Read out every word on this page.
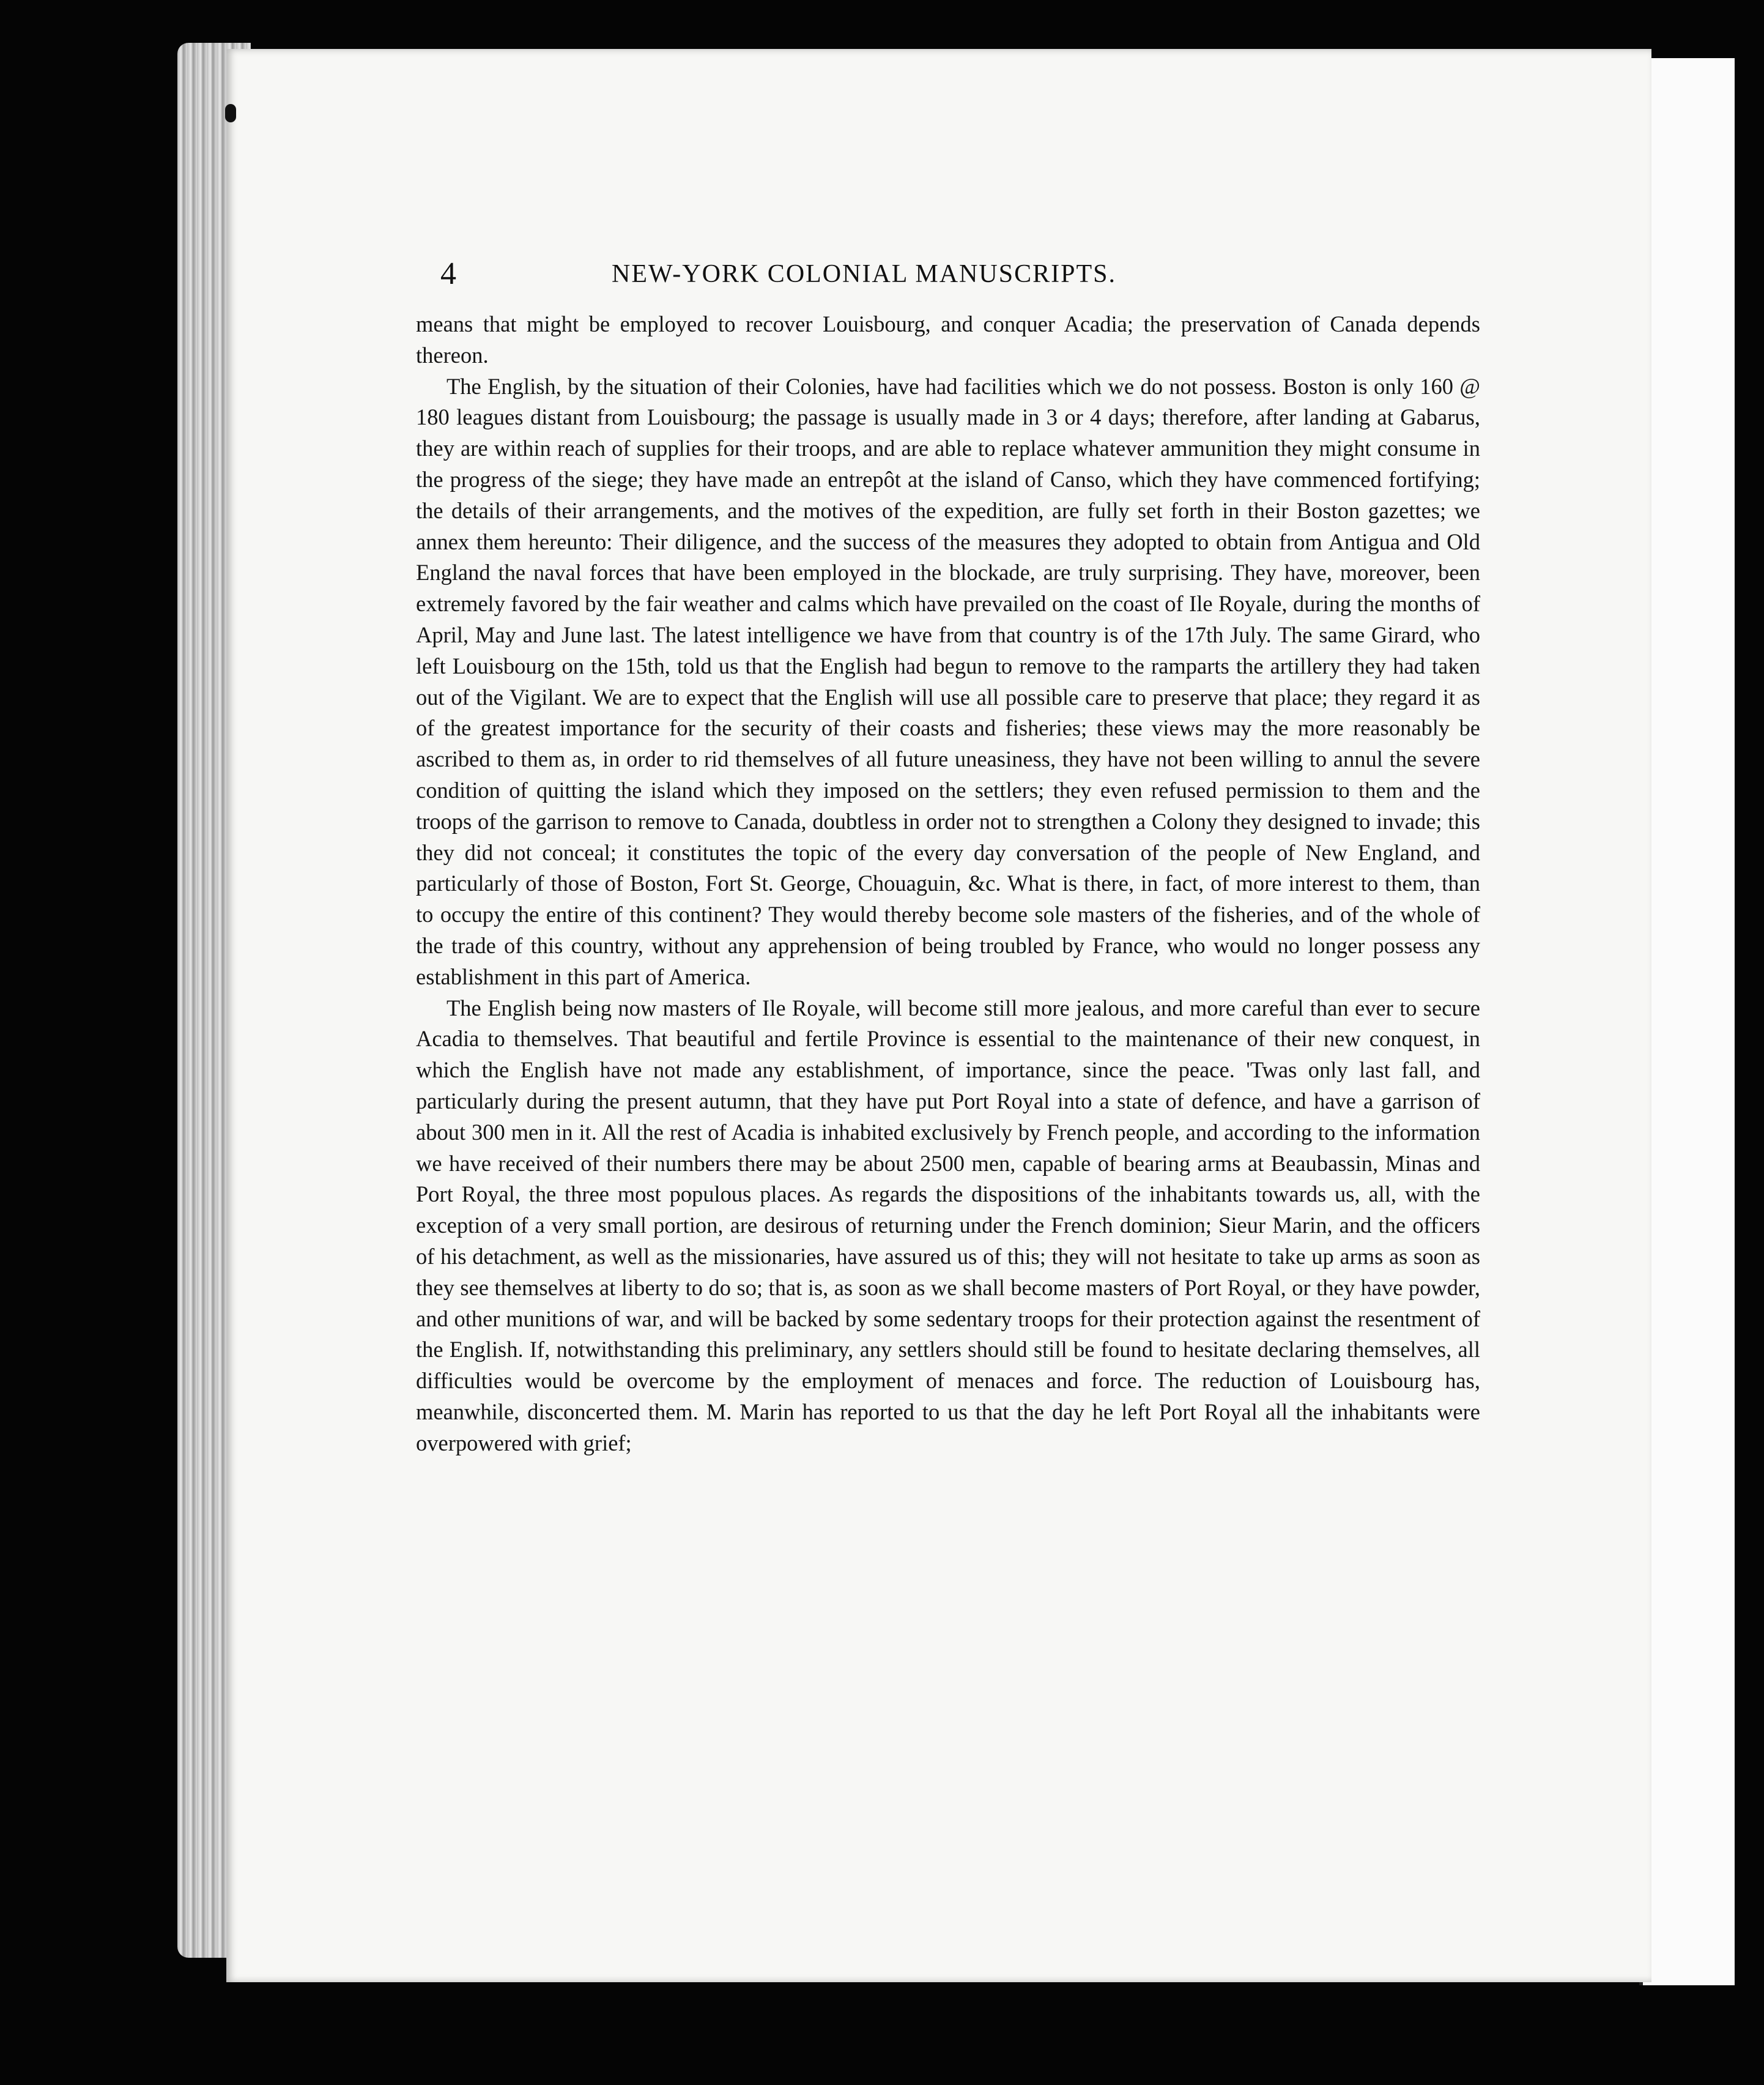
4	NEW-YORK COLONIAL MANUSCRIPTS.

means that might be employed to recover Louisbourg, and conquer Acadia; the preservation of Canada depends thereon.

The English, by the situation of their Colonies, have had facilities which we do not possess. Boston is only 160 @ 180 leagues distant from Louisbourg; the passage is usually made in 3 or 4 days; therefore, after landing at Gabarus, they are within reach of supplies for their troops, and are able to replace whatever ammunition they might consume in the progress of the siege; they have made an entrepôt at the island of Canso, which they have commenced fortifying; the details of their arrangements, and the motives of the expedition, are fully set forth in their Boston gazettes; we annex them hereunto: Their diligence, and the success of the measures they adopted to obtain from Antigua and Old England the naval forces that have been employed in the blockade, are truly surprising. They have, moreover, been extremely favored by the fair weather and calms which have prevailed on the coast of Ile Royale, during the months of April, May and June last. The latest intelligence we have from that country is of the 17th July. The same Girard, who left Louisbourg on the 15th, told us that the English had begun to remove to the ramparts the artillery they had taken out of the Vigilant. We are to expect that the English will use all possible care to preserve that place; they regard it as of the greatest importance for the security of their coasts and fisheries; these views may the more reasonably be ascribed to them as, in order to rid themselves of all future uneasiness, they have not been willing to annul the severe condition of quitting the island which they imposed on the settlers; they even refused permission to them and the troops of the garrison to remove to Canada, doubtless in order not to strengthen a Colony they designed to invade; this they did not conceal; it constitutes the topic of the every day conversation of the people of New England, and particularly of those of Boston, Fort St. George, Chouaguin, &c. What is there, in fact, of more interest to them, than to occupy the entire of this continent? They would thereby become sole masters of the fisheries, and of the whole of the trade of this country, without any apprehension of being troubled by France, who would no longer possess any establishment in this part of America.

The English being now masters of Ile Royale, will become still more jealous, and more careful than ever to secure Acadia to themselves. That beautiful and fertile Province is essential to the maintenance of their new conquest, in which the English have not made any establishment, of importance, since the peace. 'Twas only last fall, and particularly during the present autumn, that they have put Port Royal into a state of defence, and have a garrison of about 300 men in it. All the rest of Acadia is inhabited exclusively by French people, and according to the information we have received of their numbers there may be about 2500 men, capable of bearing arms at Beaubassin, Minas and Port Royal, the three most populous places. As regards the dispositions of the inhabitants towards us, all, with the exception of a very small portion, are desirous of returning under the French dominion; Sieur Marin, and the officers of his detachment, as well as the missionaries, have assured us of this; they will not hesitate to take up arms as soon as they see themselves at liberty to do so; that is, as soon as we shall become masters of Port Royal, or they have powder, and other munitions of war, and will be backed by some sedentary troops for their protection against the resentment of the English. If, notwithstanding this preliminary, any settlers should still be found to hesitate declaring themselves, all difficulties would be overcome by the employment of menaces and force. The reduction of Louisbourg has, meanwhile, disconcerted them. M. Marin has reported to us that the day he left Port Royal all the inhabitants were overpowered with grief;
